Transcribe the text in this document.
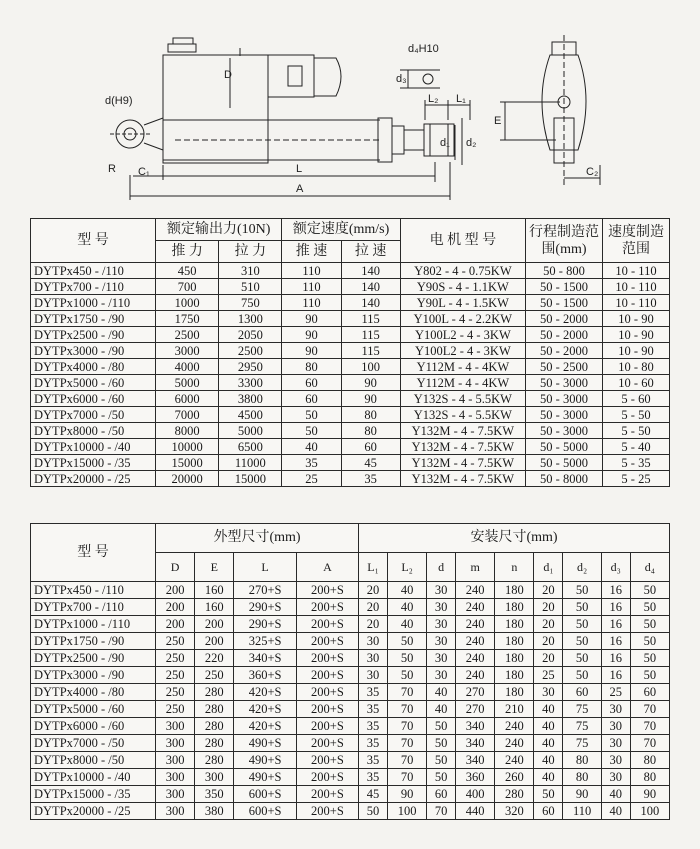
d(H9)
R C₁
D
L
A
d₄H10
d₃
L₂ L₁
d₁ d₂
E
C₂
型 号	额定输出力(10N)		额定速度(mm/s)		电 机 型 号	行程制造范围(mm)	速度制造范围
	推 力	拉 力	推 速	拉 速			
DYTPx450 - /110	450	310	110	140	Y802 - 4 - 0.75KW	50 - 800	10 - 110
DYTPx700 - /110	700	510	110	140	Y90S - 4 - 1.1KW	50 - 1500	10 - 110
DYTPx1000 - /110	1000	750	110	140	Y90L - 4 - 1.5KW	50 - 1500	10 - 110
DYTPx1750 - /90	1750	1300	90	115	Y100L - 4 - 2.2KW	50 - 2000	10 - 90
DYTPx2500 - /90	2500	2050	90	115	Y100L2 - 4 - 3KW	50 - 2000	10 - 90
DYTPx3000 - /90	3000	2500	90	115	Y100L2 - 4 - 3KW	50 - 2000	10 - 90
DYTPx4000 - /80	4000	2950	80	100	Y112M - 4 - 4KW	50 - 2500	10 - 80
DYTPx5000 - /60	5000	3300	60	90	Y112M - 4 - 4KW	50 - 3000	10 - 60
DYTPx6000 - /60	6000	3800	60	90	Y132S - 4 - 5.5KW	50 - 3000	5 - 60
DYTPx7000 - /50	7000	4500	50	80	Y132S - 4 - 5.5KW	50 - 3000	5 - 50
DYTPx8000 - /50	8000	5000	50	80	Y132M - 4 - 7.5KW	50 - 3000	5 - 50
DYTPx10000 - /40	10000	6500	40	60	Y132M - 4 - 7.5KW	50 - 5000	5 - 40
DYTPx15000 - /35	15000	11000	35	45	Y132M - 4 - 7.5KW	50 - 5000	5 - 35
DYTPx20000 - /25	20000	15000	25	35	Y132M - 4 - 7.5KW	50 - 8000	5 - 25
型 号	外型尺寸(mm)				安装尺寸(mm)								
	D	E	L	A	L₁	L₂	d	m	n	d₁	d₂	d₃	d₄
DYTPx450 - /110	200	160	270+S	200+S	20	40	30	240	180	20	50	16	50
DYTPx700 - /110	200	160	290+S	200+S	20	40	30	240	180	20	50	16	50
DYTPx1000 - /110	200	200	290+S	200+S	20	40	30	240	180	20	50	16	50
DYTPx1750 - /90	250	200	325+S	200+S	30	50	30	240	180	20	50	16	50
DYTPx2500 - /90	250	220	340+S	200+S	30	50	30	240	180	20	50	16	50
DYTPx3000 - /90	250	250	360+S	200+S	30	50	30	240	180	25	50	16	50
DYTPx4000 - /80	250	280	420+S	200+S	35	70	40	270	180	30	60	25	60
DYTPx5000 - /60	250	280	420+S	200+S	35	70	40	270	210	40	75	30	70
DYTPx6000 - /60	300	280	420+S	200+S	35	70	50	340	240	40	75	30	70
DYTPx7000 - /50	300	280	490+S	200+S	35	70	50	340	240	40	75	30	70
DYTPx8000 - /50	300	280	490+S	200+S	35	70	50	340	240	40	80	30	80
DYTPx10000 - /40	300	300	490+S	200+S	35	70	50	360	260	40	80	30	80
DYTPx15000 - /35	300	350	600+S	200+S	45	90	60	400	280	50	90	40	90
DYTPx20000 - /25	300	380	600+S	200+S	50	100	70	440	320	60	110	40	100
